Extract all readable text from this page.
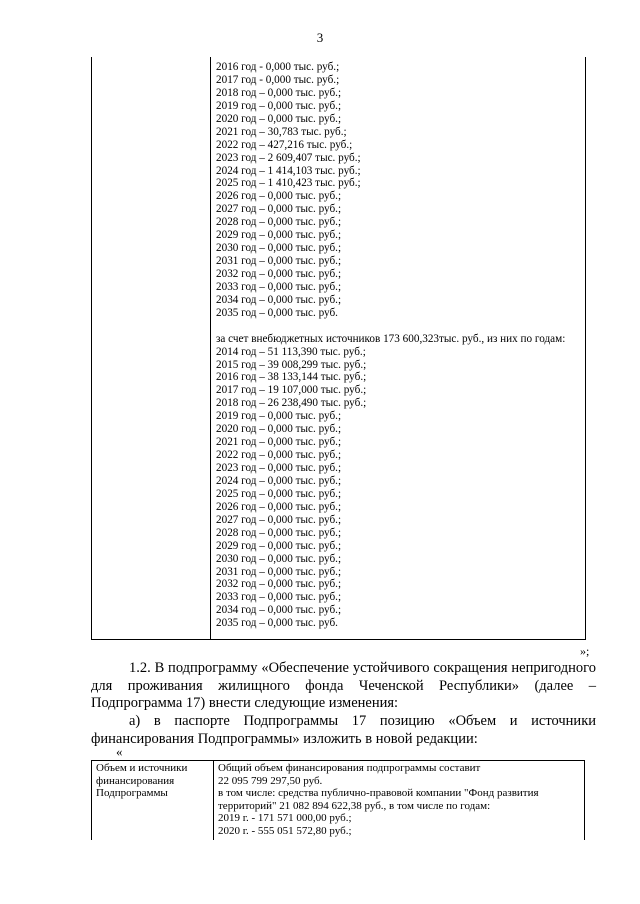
3
2016 год - 0,000 тыс. руб.;
2017 год - 0,000 тыс. руб.;
2018 год – 0,000 тыс. руб.;
2019 год – 0,000 тыс. руб.;
2020 год – 0,000 тыс. руб.;
2021 год – 30,783 тыс. руб.;
2022 год – 427,216 тыс. руб.;
2023 год – 2 609,407 тыс. руб.;
2024 год – 1 414,103 тыс. руб.;
2025 год – 1 410,423 тыс. руб.;
2026 год – 0,000 тыс. руб.;
2027 год – 0,000 тыс. руб.;
2028 год – 0,000 тыс. руб.;
2029 год – 0,000 тыс. руб.;
2030 год – 0,000 тыс. руб.;
2031 год – 0,000 тыс. руб.;
2032 год – 0,000 тыс. руб.;
2033 год – 0,000 тыс. руб.;
2034 год – 0,000 тыс. руб.;
2035 год – 0,000 тыс. руб.
за счет внебюджетных источников 173 600,323тыс. руб., из них по годам:
2014 год – 51 113,390 тыс. руб.;
2015 год – 39 008,299 тыс. руб.;
2016 год – 38 133,144 тыс. руб.;
2017 год – 19 107,000 тыс. руб.;
2018 год – 26 238,490 тыс. руб.;
2019 год – 0,000 тыс. руб.;
2020 год – 0,000 тыс. руб.;
2021 год – 0,000 тыс. руб.;
2022 год – 0,000 тыс. руб.;
2023 год – 0,000 тыс. руб.;
2024 год – 0,000 тыс. руб.;
2025 год – 0,000 тыс. руб.;
2026 год – 0,000 тыс. руб.;
2027 год – 0,000 тыс. руб.;
2028 год – 0,000 тыс. руб.;
2029 год – 0,000 тыс. руб.;
2030 год – 0,000 тыс. руб.;
2031 год – 0,000 тыс. руб.;
2032 год – 0,000 тыс. руб.;
2033 год – 0,000 тыс. руб.;
2034 год – 0,000 тыс. руб.;
2035 год – 0,000 тыс. руб.
»;
1.2. В подпрограмму «Обеспечение устойчивого сокращения непригодного для проживания жилищного фонда Чеченской Республики» (далее – Подпрограмма 17) внести следующие изменения:
а) в паспорте Подпрограммы 17 позицию «Объем и источники финансирования Подпрограммы» изложить в новой редакции:
«
Объем и источники финансирования Подпрограммы
Общий объем финансирования подпрограммы составит
22 095 799 297,50 руб.
в том числе: средства публично-правовой компании "Фонд развития территорий" 21 082 894 622,38 руб., в том числе по годам:
2019 г. - 171 571 000,00 руб.;
2020 г. - 555 051 572,80 руб.;
